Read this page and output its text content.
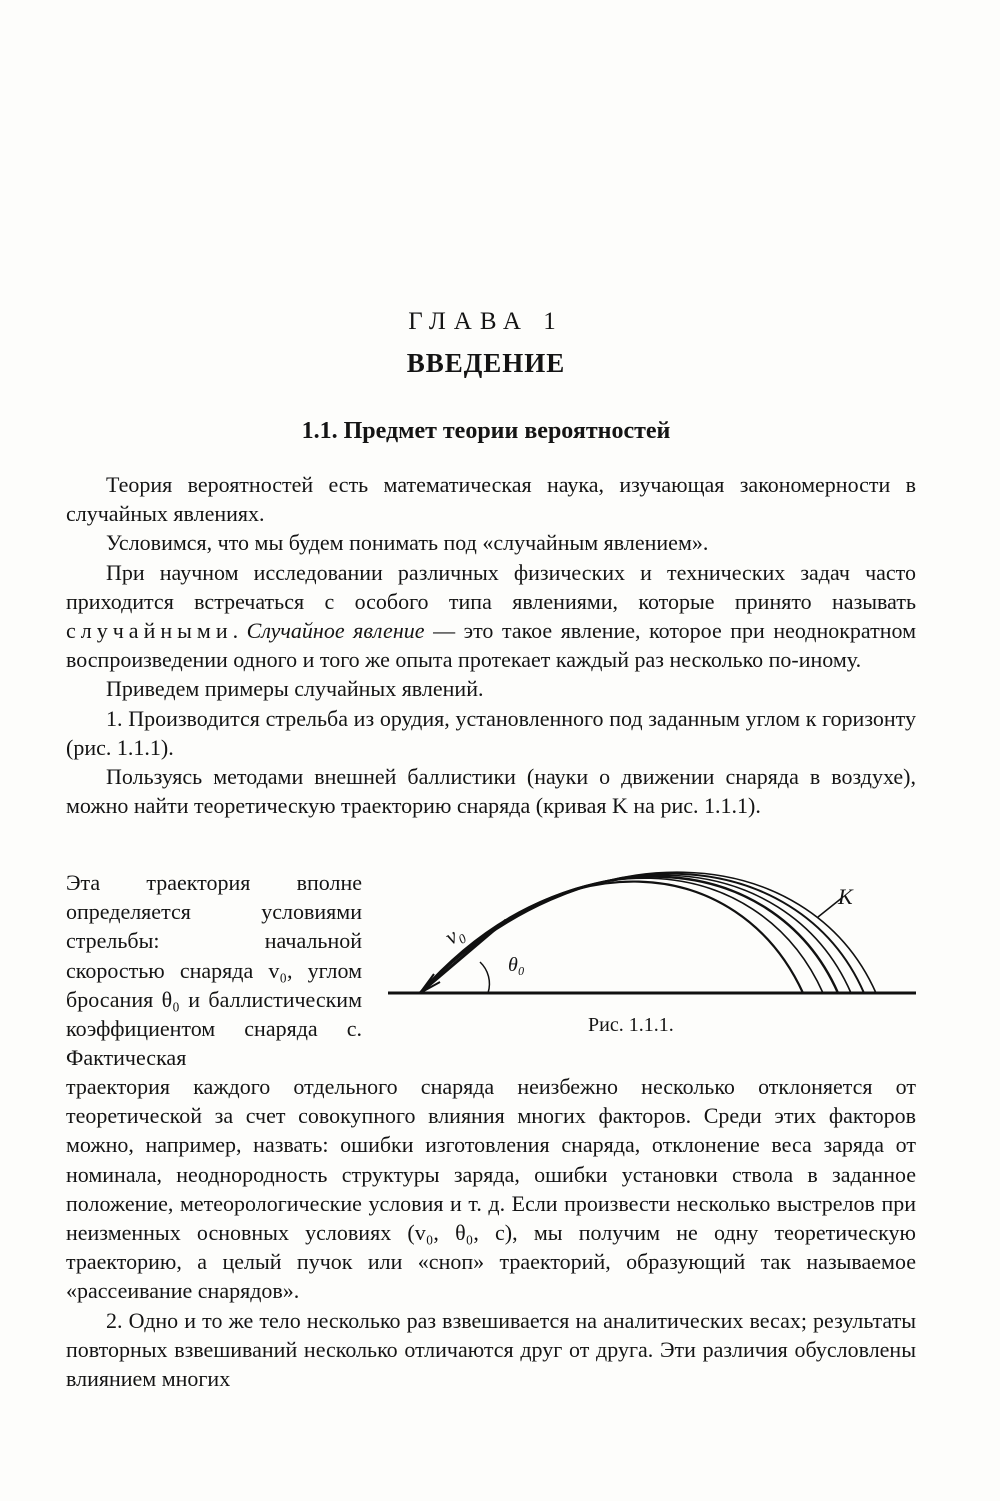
ГЛАВА 1
ВВЕДЕНИЕ
1.1. Предмет теории вероятностей

Теория вероятностей есть математическая наука, изучающая закономерности в случайных явлениях.

Условимся, что мы будем понимать под «случайным явлением».

При научном исследовании различных физических и технических задач часто приходится встречаться с особого типа явлениями, которые принято называть случайными. Случайное явление — это такое явление, которое при неоднократном воспроизведении одного и того же опыта протекает каждый раз несколько по-иному.

Приведем примеры случайных явлений.

1. Производится стрельба из орудия, установленного под заданным углом к горизонту (рис. 1.1.1).

Пользуясь методами внешней баллистики (науки о движении снаряда в воздухе), можно найти теоретическую траекторию снаряда (кривая K на рис. 1.1.1).

Эта траектория вполне определяется условиями стрельбы: начальной скоростью снаряда v₀, углом бросания θ₀ и баллистическим коэффициентом снаряда c. Фактическая
v₀
θ₀
K
Рис. 1.1.1.

траектория каждого отдельного снаряда неизбежно несколько отклоняется от теоретической за счет совокупного влияния многих факторов. Среди этих факторов можно, например, назвать: ошибки изготовления снаряда, отклонение веса заряда от номинала, неоднородность структуры заряда, ошибки установки ствола в заданное положение, метеорологические условия и т. д. Если произвести несколько выстрелов при неизменных основных условиях (v₀, θ₀, c), мы получим не одну теоретическую траекторию, а целый пучок или «сноп» траекторий, образующий так называемое «рассеивание снарядов».

2. Одно и то же тело несколько раз взвешивается на аналитических весах; результаты повторных взвешиваний несколько отличаются друг от друга. Эти различия обусловлены влиянием многих
